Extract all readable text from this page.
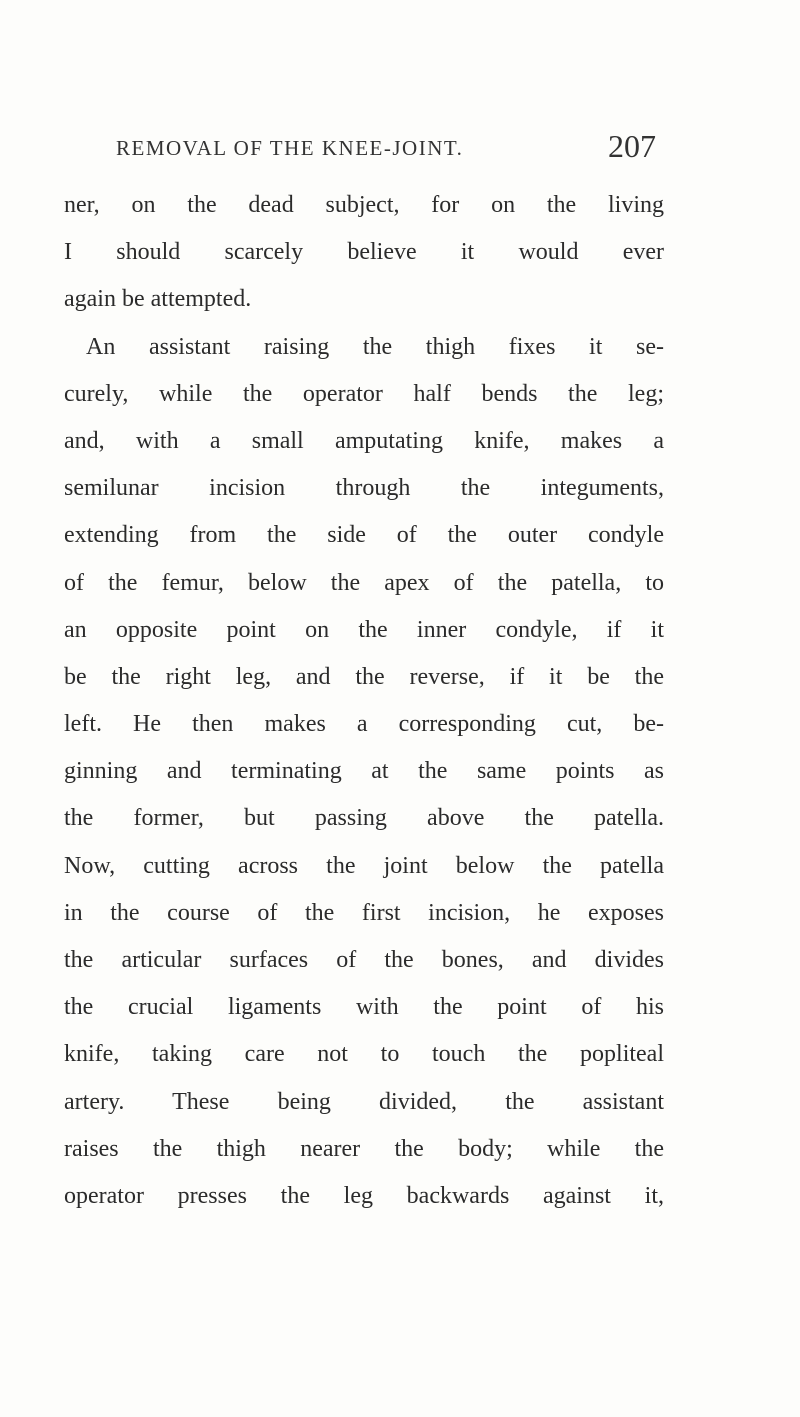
REMOVAL OF THE KNEE-JOINT.	207
ner, on the dead subject, for on the living
I should scarcely believe it would ever
again be attempted.
An assistant raising the thigh fixes it se-
curely, while the operator half bends the leg;
and, with a small amputating knife, makes a
semilunar incision through the integuments,
extending from the side of the outer condyle
of the femur, below the apex of the patella, to
an opposite point on the inner condyle, if it
be the right leg, and the reverse, if it be the
left. He then makes a corresponding cut, be-
ginning and terminating at the same points as
the former, but passing above the patella.
Now, cutting across the joint below the patella
in the course of the first incision, he exposes
the articular surfaces of the bones, and divides
the crucial ligaments with the point of his
knife, taking care not to touch the popliteal
artery. These being divided, the assistant
raises the thigh nearer the body; while the
operator presses the leg backwards against it,
